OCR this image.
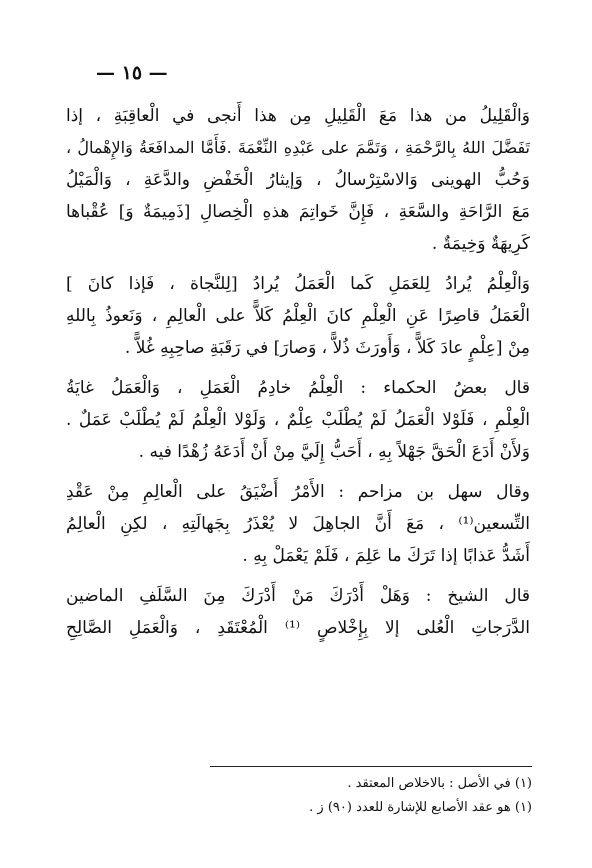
— ١٥ —

وَالْقَلِيلُ من هذا مَعَ الْقَلِيلِ مِن هذا أَنجى في الْعاقِبَةِ ، إذا

تَفَضَّلَ اللهُ بِالرَّحْمَةِ ، وَتَمَّمَ على عَبْدِهِ النِّعْمَةَ .فَأَمَّا المدافَعَةُ وَالإِهْمالُ ،

وَحُبُّ الهوينى وَالاسْتِرْسالُ ، وَإيثارُ الْخَفْضِ والدَّعَةِ ، وَالْمَيْلُ

مَعَ الرَّاحَةِ والسَّعَةِ ، فَإِنَّ خَواتِمَ هذهِ الْخِصالِ [ذَمِيمَةٌ وَ] عُقْباها

كَرِيهَةٌ وَخِيمَةٌ .

وَالْعِلْمُ يُرادُ لِلعَمَلِ كَما الْعَمَلُ يُرادُ [لِلنَّجاة ، فَإذا كانَ ]

الْعَمَلُ قاصِرًا عَنِ الْعِلْمِ كانَ الْعِلْمُ كَلاًّ على الْعالِمِ ، وَنَعوذُ بِاللهِ

مِنْ [عِلْمٍ عادَ كَلاًّ ، وَأَورَثَ ذُلاًّ ، وَصارَ] في رَقَبَةِ صاحِبِهِ غُلاًّ .

قال بعضُ الحكماء : الْعِلْمُ خادِمُ الْعَمَلِ ، وَالْعَمَلُ غايَةُ

الْعِلْمِ ، فَلَوْلا الْعَمَلُ لَمْ يُطْلَبْ عِلْمٌ ، وَلَوْلا الْعِلْمُ لَمْ يُطْلَبْ عَمَلٌ .

وَلأَنْ أَدَعَ الْحَقَّ جَهْلاً بِهِ ، أَحَبُّ إِلَيَّ مِنْ أَنْ أَدَعَهُ زُهْدًا فيه .

وقال سهل بن مزاحم : الأَمْرُ أَضْيَقُ على الْعالِمِ مِنْ عَقْدِ

التِّسعين⁽¹⁾ ، مَعَ أَنَّ الجاهِلَ لا يُعْذَرُ بِجَهالَتِهِ ، لكِنِ الْعالِمُ

أَشَدُّ عَذابًا إذا تَرَكَ ما عَلِمَ ، فَلَمْ يَعْمَلْ بِهِ .

قال الشيخ : وَهَلْ أَدْرَكَ مَنْ أَدْرَكَ مِنَ السَّلَفِ الماضين

الدَّرَجاتِ الْعُلى إلا بِإِخْلاصٍ ⁽¹⁾ الْمُعْتَقَدِ ، وَالْعَمَلِ الصَّالِحِ

(١) في الأصل : بالاخلاص المعتقد .

(١) هو عقد الأصابع للإشارة للعدد (٩٠) ز .
